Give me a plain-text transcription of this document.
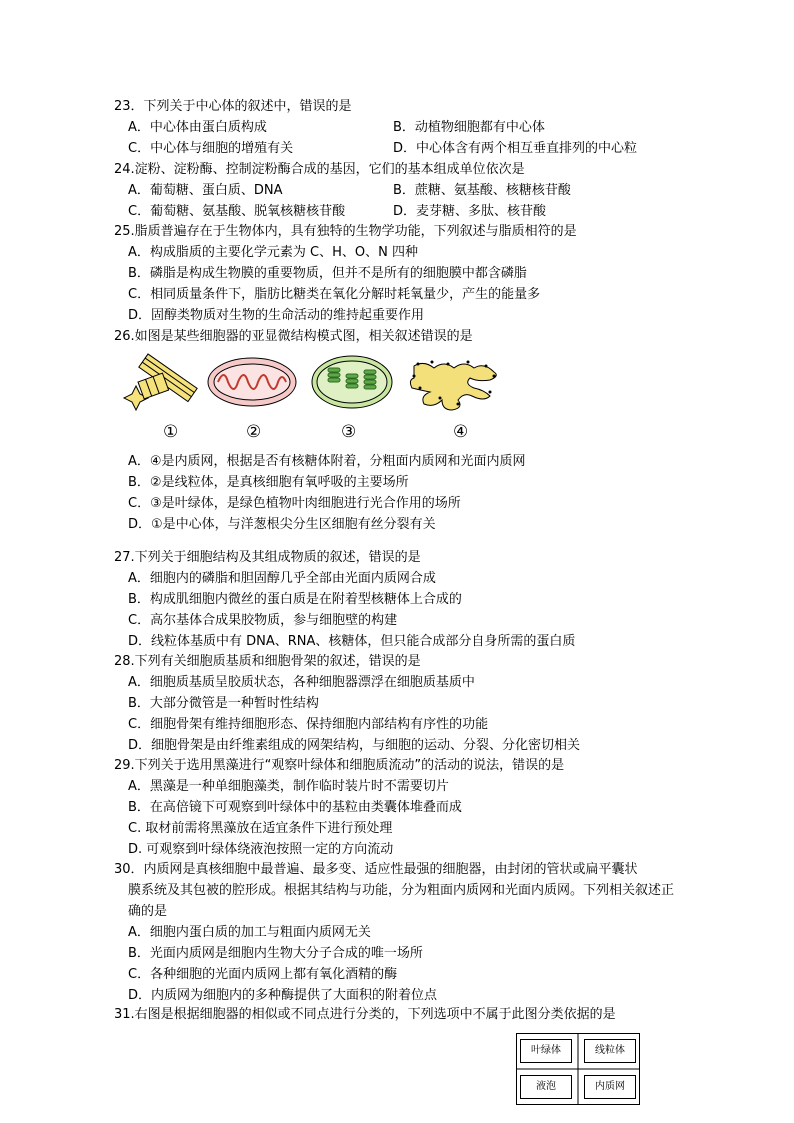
23．下列关于中心体的叙述中，错误的是
A．中心体由蛋白质构成	B．动植物细胞都有中心体
C．中心体与细胞的增殖有关	D．中心体含有两个相互垂直排列的中心粒
24.淀粉、淀粉酶、控制淀粉酶合成的基因，它们的基本组成单位依次是
A．葡萄糖、蛋白质、DNA	B．蔗糖、氨基酸、核糖核苷酸
C．葡萄糖、氨基酸、脱氧核糖核苷酸	D．麦芽糖、多肽、核苷酸
25.脂质普遍存在于生物体内，具有独特的生物学功能，下列叙述与脂质相符的是
A．构成脂质的主要化学元素为 C、H、O、N 四种
B．磷脂是构成生物膜的重要物质，但并不是所有的细胞膜中都含磷脂
C．相同质量条件下，脂肪比糖类在氧化分解时耗氧量少，产生的能量多
D．固醇类物质对生物的生命活动的维持起重要作用
26.如图是某些细胞器的亚显微结构模式图，相关叙述错误的是
①	②	③	④
A．④是内质网，根据是否有核糖体附着，分粗面内质网和光面内质网
B．②是线粒体，是真核细胞有氧呼吸的主要场所
C．③是叶绿体，是绿色植物叶肉细胞进行光合作用的场所
D．①是中心体，与洋葱根尖分生区细胞有丝分裂有关
27.下列关于细胞结构及其组成物质的叙述，错误的是
A．细胞内的磷脂和胆固醇几乎全部由光面内质网合成
B．构成肌细胞内微丝的蛋白质是在附着型核糖体上合成的
C．高尔基体合成果胶物质，参与细胞壁的构建
D．线粒体基质中有 DNA、RNA、核糖体，但只能合成部分自身所需的蛋白质
28.下列有关细胞质基质和细胞骨架的叙述，错误的是
A．细胞质基质呈胶质状态，各种细胞器漂浮在细胞质基质中
B．大部分微管是一种暂时性结构
C．细胞骨架有维持细胞形态、保持细胞内部结构有序性的功能
D．细胞骨架是由纤维素组成的网架结构，与细胞的运动、分裂、分化密切相关
29.下列关于选用黑藻进行“观察叶绿体和细胞质流动”的活动的说法，错误的是
A．黑藻是一种单细胞藻类，制作临时装片时不需要切片
B．在高倍镜下可观察到叶绿体中的基粒由类囊体堆叠而成
C. 取材前需将黑藻放在适宜条件下进行预处理
D. 可观察到叶绿体绕液泡按照一定的方向流动
30．内质网是真核细胞中最普遍、最多变、适应性最强的细胞器，由封闭的管状或扁平囊状
膜系统及其包被的腔形成。根据其结构与功能，分为粗面内质网和光面内质网。下列相关叙述正
确的是
A．细胞内蛋白质的加工与粗面内质网无关
B．光面内质网是细胞内生物大分子合成的唯一场所
C．各种细胞的光面内质网上都有氧化酒精的酶
D．内质网为细胞内的多种酶提供了大面积的附着位点
31.右图是根据细胞器的相似或不同点进行分类的，下列选项中不属于此图分类依据的是
叶绿体	线粒体
液泡	内质网
